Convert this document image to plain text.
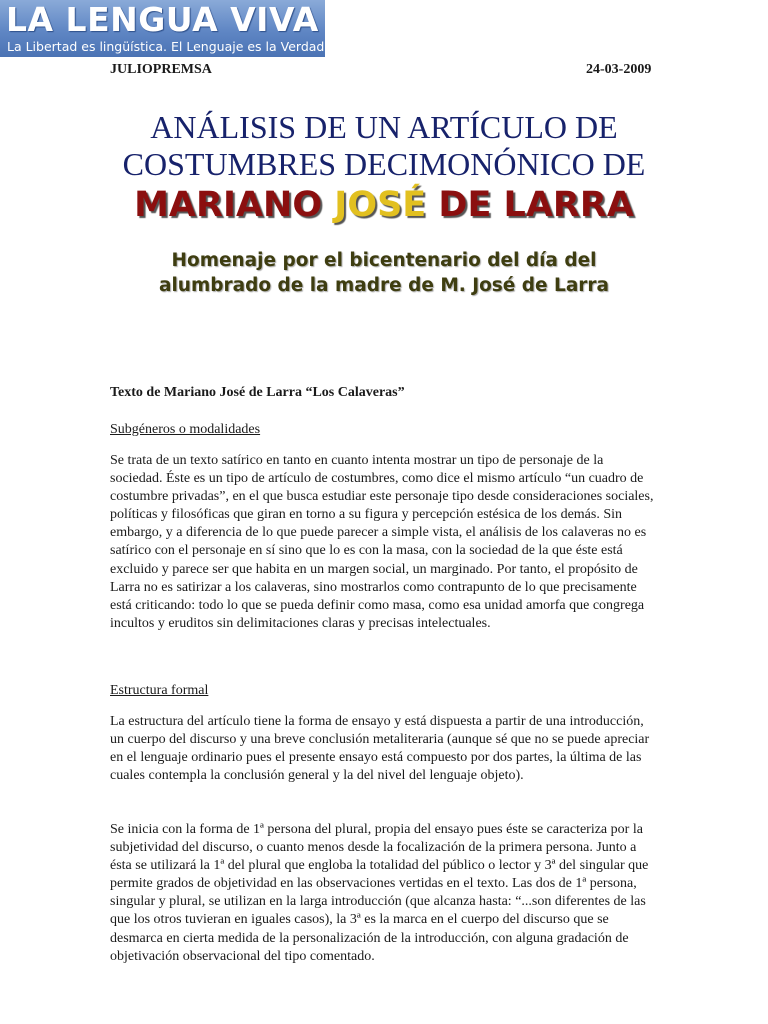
LA LENGUA VIVA
La Libertad es lingüística. El Lenguaje es la Verdad
JULIOPREMSA	24-03-2009
ANÁLISIS DE UN ARTÍCULO DE
COSTUMBRES DECIMONÓNICO DE
MARIANO JOSÉ DE LARRA
Homenaje por el bicentenario del día del
alumbrado de la madre de M. José de Larra
Texto de Mariano José de Larra “Los Calaveras”
Subgéneros o modalidades
Se trata de un texto satírico en tanto en cuanto intenta mostrar un tipo de personaje de la sociedad. Éste es un tipo de artículo de costumbres, como dice el mismo artículo “un cuadro de costumbre privadas”, en el que busca estudiar este personaje tipo desde consideraciones sociales, políticas y filosóficas que giran en torno a su figura y percepción estésica de los demás. Sin embargo, y a diferencia de lo que puede parecer a simple vista, el análisis de los calaveras no es satírico con el personaje en sí sino que lo es con la masa, con la sociedad de la que éste está excluido y parece ser que habita en un margen social, un marginado. Por tanto, el propósito de Larra no es satirizar a los calaveras, sino mostrarlos como contrapunto de lo que precisamente está criticando: todo lo que se pueda definir como masa, como esa unidad amorfa que congrega incultos y eruditos sin delimitaciones claras y precisas intelectuales.
Estructura formal
La estructura del artículo tiene la forma de ensayo y está dispuesta a partir de una introducción, un cuerpo del discurso y una breve conclusión metaliteraria (aunque sé que no se puede apreciar en el lenguaje ordinario pues el presente ensayo está compuesto por dos partes, la última de las cuales contempla la conclusión general y la del nivel del lenguaje objeto).
Se inicia con la forma de 1ª persona del plural, propia del ensayo pues éste se caracteriza por la subjetividad del discurso, o cuanto menos desde la focalización de la primera persona. Junto a ésta se utilizará la 1ª del plural que engloba la totalidad del público o lector y 3ª del singular que permite grados de objetividad en las observaciones vertidas en el texto. Las dos de 1ª persona, singular y plural, se utilizan en la larga introducción (que alcanza hasta: “...son diferentes de las que los otros tuvieran en iguales casos), la 3ª es la marca en el cuerpo del discurso que se desmarca en cierta medida de la personalización de la introducción, con alguna gradación de objetivación observacional del tipo comentado.
